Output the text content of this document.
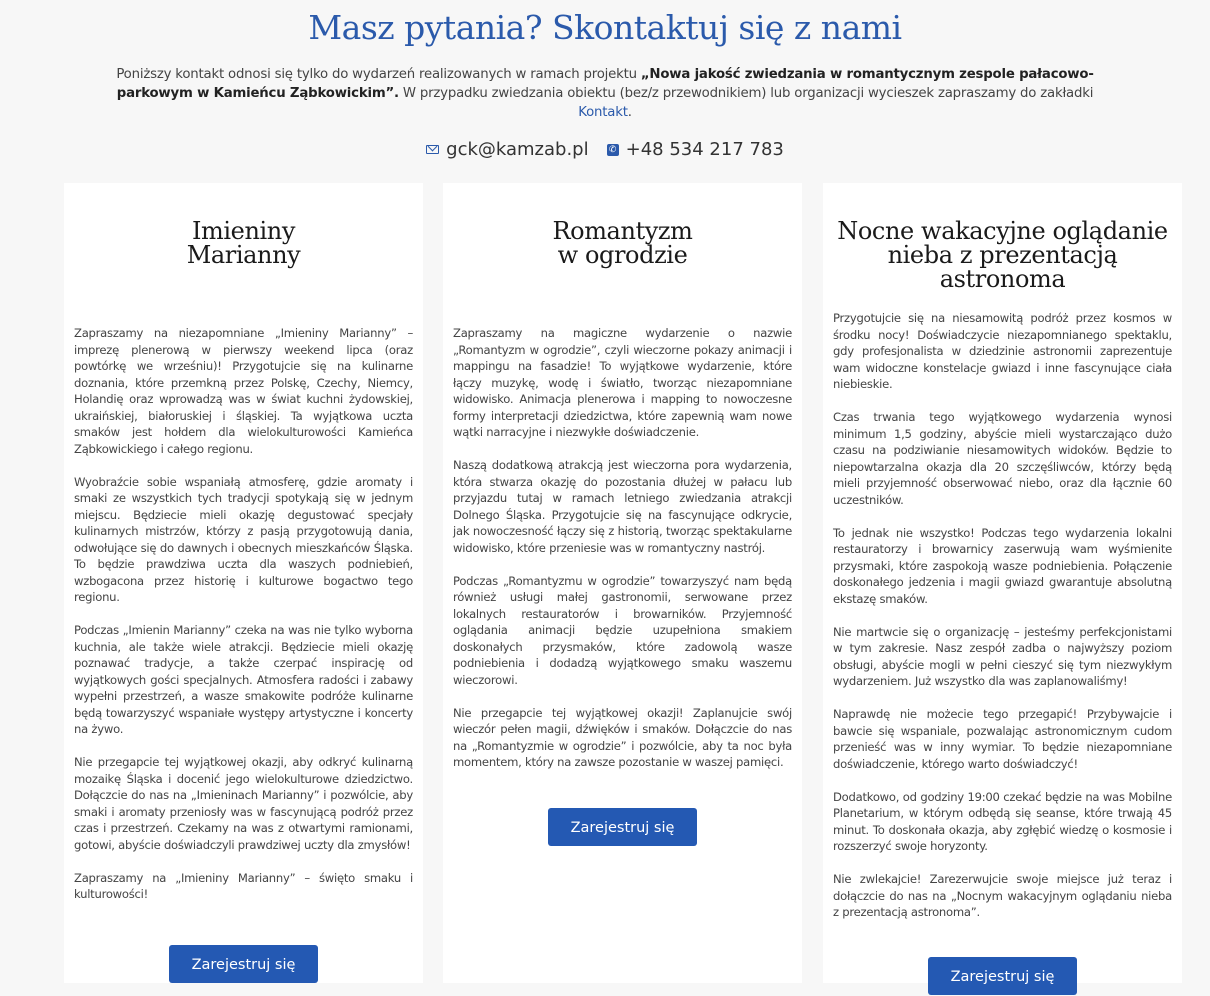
Masz pytania? Skontaktuj się z nami

Poniższy kontakt odnosi się tylko do wydarzeń realizowanych w ramach projektu „Nowa jakość zwiedzania w romantycznym zespole pałacowo- parkowym w Kamieńcu Ząbkowickim”. W przypadku zwiedzania obiektu (bez/z przewodnikiem) lub organizacji wycieszek zapraszamy do zakładki Kontakt.

gck@kamzab.pl ✆ +48 534 217 783
Imieniny
Marianny

Zapraszamy na niezapomniane „Imieniny Marianny” – imprezę plenerową w pierwszy weekend lipca (oraz powtórkę we wrześniu)! Przygotujcie się na kulinarne doznania, które przemkną przez Polskę, Czechy, Niemcy, Holandię oraz wprowadzą was w świat kuchni żydowskiej, ukraińskiej, białoruskiej i śląskiej. Ta wyjątkowa uczta smaków jest hołdem dla wielokulturowości Kamieńca Ząbkowickiego i całego regionu.

Wyobraźcie sobie wspaniałą atmosferę, gdzie aromaty i smaki ze wszystkich tych tradycji spotykają się w jednym miejscu. Będziecie mieli okazję degustować specjały kulinarnych mistrzów, którzy z pasją przygotowują dania, odwołujące się do dawnych i obecnych mieszkańców Śląska. To będzie prawdziwa uczta dla waszych podniebień, wzbogacona przez historię i kulturowe bogactwo tego regionu.

Podczas „Imienin Marianny” czeka na was nie tylko wyborna kuchnia, ale także wiele atrakcji. Będziecie mieli okazję poznawać tradycje, a także czerpać inspirację od wyjątkowych gości specjalnych. Atmosfera radości i zabawy wypełni przestrzeń, a wasze smakowite podróże kulinarne będą towarzyszyć wspaniałe występy artystyczne i koncerty na żywo.

Nie przegapcie tej wyjątkowej okazji, aby odkryć kulinarną mozaikę Śląska i docenić jego wielokulturowe dziedzictwo. Dołączcie do nas na „Imieninach Marianny” i pozwólcie, aby smaki i aromaty przeniosły was w fascynującą podróż przez czas i przestrzeń. Czekamy na was z otwartymi ramionami, gotowi, abyście doświadczyli prawdziwej uczty dla zmysłów!

Zapraszamy na „Imieniny Marianny” – święto smaku i kulturowości!

Zarejestruj się
Romantyzm
w ogrodzie

Zapraszamy na magiczne wydarzenie o nazwie „Romantyzm w ogrodzie”, czyli wieczorne pokazy animacji i mappingu na fasadzie! To wyjątkowe wydarzenie, które łączy muzykę, wodę i światło, tworząc niezapomniane widowisko. Animacja plenerowa i mapping to nowoczesne formy interpretacji dziedzictwa, które zapewnią wam nowe wątki narracyjne i niezwykłe doświadczenie.

Naszą dodatkową atrakcją jest wieczorna pora wydarzenia, która stwarza okazję do pozostania dłużej w pałacu lub przyjazdu tutaj w ramach letniego zwiedzania atrakcji Dolnego Śląska. Przygotujcie się na fascynujące odkrycie, jak nowoczesność łączy się z historią, tworząc spektakularne widowisko, które przeniesie was w romantyczny nastrój.

Podczas „Romantyzmu w ogrodzie” towarzyszyć nam będą również usługi małej gastronomii, serwowane przez lokalnych restauratorów i browarników. Przyjemność oglądania animacji będzie uzupełniona smakiem doskonałych przysmaków, które zadowolą wasze podniebienia i dodadzą wyjątkowego smaku waszemu wieczorowi.

Nie przegapcie tej wyjątkowej okazji! Zaplanujcie swój wieczór pełen magii, dźwięków i smaków. Dołączcie do nas na „Romantyzmie w ogrodzie” i pozwólcie, aby ta noc była momentem, który na zawsze pozostanie w waszej pamięci.

Zarejestruj się
Nocne wakacyjne oglądanie
nieba z prezentacją
astronoma

Przygotujcie się na niesamowitą podróż przez kosmos w środku nocy! Doświadczycie niezapomnianego spektaklu, gdy profesjonalista w dziedzinie astronomii zaprezentuje wam widoczne konstelacje gwiazd i inne fascynujące ciała niebieskie.

Czas trwania tego wyjątkowego wydarzenia wynosi minimum 1,5 godziny, abyście mieli wystarczająco dużo czasu na podziwianie niesamowitych widoków. Będzie to niepowtarzalna okazja dla 20 szczęśliwców, którzy będą mieli przyjemność obserwować niebo, oraz dla łącznie 60 uczestników.

To jednak nie wszystko! Podczas tego wydarzenia lokalni restauratorzy i browarnicy zaserwują wam wyśmienite przysmaki, które zaspokoją wasze podniebienia. Połączenie doskonałego jedzenia i magii gwiazd gwarantuje absolutną ekstazę smaków.

Nie martwcie się o organizację – jesteśmy perfekcjonistami w tym zakresie. Nasz zespół zadba o najwyższy poziom obsługi, abyście mogli w pełni cieszyć się tym niezwykłym wydarzeniem. Już wszystko dla was zaplanowaliśmy!

Naprawdę nie możecie tego przegapić! Przybywajcie i bawcie się wspaniale, pozwalając astronomicznym cudom przenieść was w inny wymiar. To będzie niezapomniane doświadczenie, którego warto doświadczyć!

Dodatkowo, od godziny 19:00 czekać będzie na was Mobilne Planetarium, w którym odbędą się seanse, które trwają 45 minut. To doskonała okazja, aby zgłębić wiedzę o kosmosie i rozszerzyć swoje horyzonty.

Nie zwlekajcie! Zarezerwujcie swoje miejsce już teraz i dołączcie do nas na „Nocnym wakacyjnym oglądaniu nieba z prezentacją astronoma”.

Zarejestruj się
